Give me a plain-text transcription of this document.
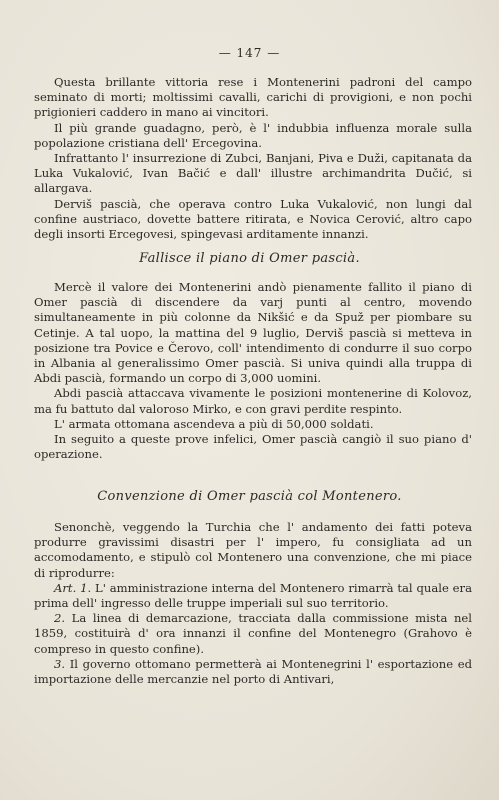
— 147 —

Questa brillante vittoria rese i Montenerini padroni del campo seminato di morti; moltissimi cavalli, carichi di provigioni, e non pochi prigionieri caddero in mano ai vincitori.

Il più grande guadagno, però, è l' indubbia influenza morale sulla popolazione cristiana dell' Ercegovina.

Infrattanto l' insurrezione di Zubci, Banjani, Piva e Duži, capitanata da Luka Vukalović, Ivan Bačić e dall' illustre archimandrita Dučić, si allargava.

Derviš pascià, che operava contro Luka Vukalović, non lungi dal confine austriaco, dovette battere ritirata, e Novica Cerović, altro capo degli insorti Ercegovesi, spingevasi arditamente innanzi.

Fallisce il piano di Omer pascià.

Mercè il valore dei Montenerini andò pienamente fallito il piano di Omer pascià di discendere da varj punti al centro, movendo simultaneamente in più colonne da Nikšić e da Spuž per piombare su Cetinje. A tal uopo, la mattina del 9 luglio, Derviš pascià si metteva in posizione tra Povice e Čerovo, coll' intendimento di condurre il suo corpo in Albania al generalissimo Omer pascià. Si univa quindi alla truppa di Abdi pascià, formando un corpo di 3,000 uomini.

Abdi pascià attaccava vivamente le posizioni montenerine di Kolovoz, ma fu battuto dal valoroso Mirko, e con gravi perdite respinto.

L' armata ottomana ascendeva a più di 50,000 soldati.

In seguito a queste prove infelici, Omer pascià cangiò il suo piano d' operazione.

Convenzione di Omer pascià col Montenero.

Senonchè, veggendo la Turchia che l' andamento dei fatti poteva produrre gravissimi disastri per l' impero, fu consigliata ad un accomodamento, e stipulò col Montenero una convenzione, che mi piace di riprodurre:

Art. 1. L' amministrazione interna del Montenero rimarrà tal quale era prima dell' ingresso delle truppe imperiali sul suo territorio.

2. La linea di demarcazione, tracciata dalla commissione mista nel 1859, costituirà d' ora innanzi il confine del Montenegro (Grahovo è compreso in questo confine).

3. Il governo ottomano permetterà ai Montenegrini l' esportazione ed importazione delle mercanzie nel porto di Antivari,
